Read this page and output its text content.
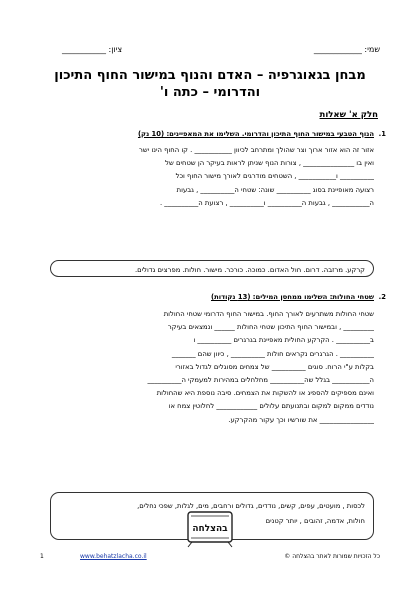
שמי: ____________
ציון: ___________
מבחן בגאוגרפיה – האדם והנוף במישור החוף התיכון
והדרומי – כתה ו'
חלק א' שאלות
1.
הנוף הטבעי במישור החוף התיכון והדרומי. השלימו את המאפיינים: (10 נק)
אזור זה הוא אזור ארוך וצר שהולך ומתרחב לכיוון ___________ . קו החוף הינו ישר
ואין בו _______________ , צורות הנוף שניתן לראות בעיקר הן שטחים של
__________ ו___________ , השטחים מודרגים לאורך מישור החוף וכל
רצועה מאופיינת בסוג __________ שונה: שטחי ה__________ , גבעות
ה___________ , גבעות ה__________ ו__________ , רצועת ה__________ .
קרקע. מרזבה. דרום. חול האדום. כמוכה. כורכר. מישור. חולות. מפרצים גדולים.
2.
שטחי החולות: השלימו ממחסן המילים: (13 נקודות)
שטחי החולות משתרעים לאורך החוף. במישור החוף הדרומי שטחי החולות
_________ , ובמישור החוף התיכון שטחי החולות ______ ונמצאים בעיקר
ב__________ . הקרקע החולית מאפיינת בגרגרים __________ ו
__________ . הגרגרים נקראים חולות __________ , כיוון שהם _______
בקלות ע"י הרוח. סוגים __________ של צמחים מסוגלים לגדול באזורי
ה___________ בגלל שה__________ מחלחלים במהירות למעמקי ה__________
ואינם מספיקים להספיג או להשקות את הצמחים. סיבה נוספת היא שהחולות
נודדים ממקום למקום ובתנועתם עלולים ____________ לחלוטין צמח או
________________ את שורשיו וכך עקור מהקרקע.
לכסות , מועטים, עפים, קשים, נודדים, גדולים ורחבים, מים, לגלות, שפכי נחלים,
חולות, אדמה, זהובים , יותר קטנים
בהצלחה
כל הזכויות שמורות לאתר בהצלחה ©
www.behatzlacha.co.il
1
